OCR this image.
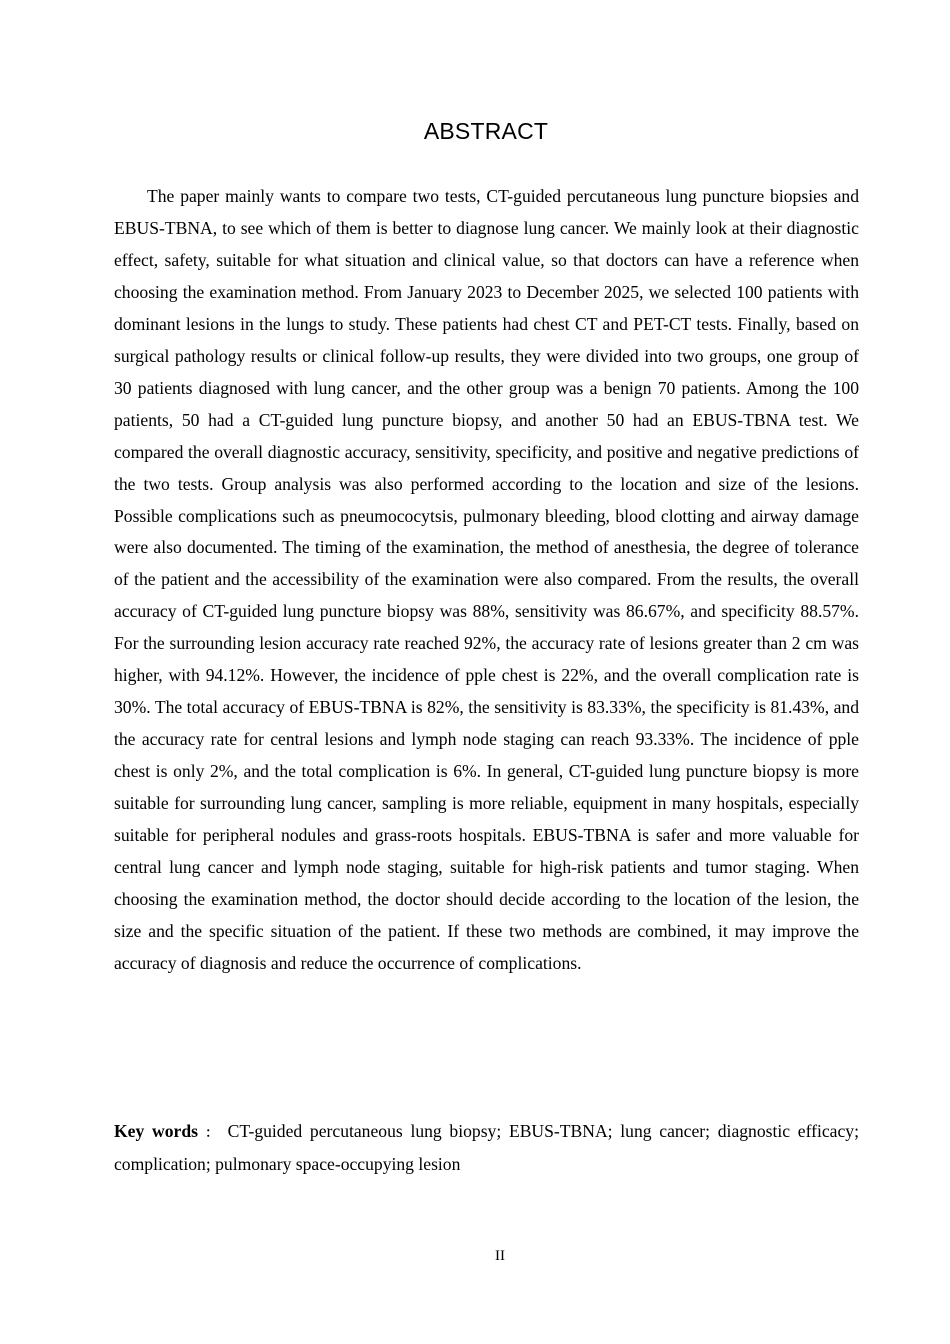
ABSTRACT

The paper mainly wants to compare two tests, CT-guided percutaneous lung puncture biopsies and EBUS-TBNA, to see which of them is better to diagnose lung cancer. We mainly look at their diagnostic effect, safety, suitable for what situation and clinical value, so that doctors can have a reference when choosing the examination method. From January 2023 to December 2025, we selected 100 patients with dominant lesions in the lungs to study. These patients had chest CT and PET-CT tests. Finally, based on surgical pathology results or clinical follow-up results, they were divided into two groups, one group of 30 patients diagnosed with lung cancer, and the other group was a benign 70 patients. Among the 100 patients, 50 had a CT-guided lung puncture biopsy, and another 50 had an EBUS-TBNA test. We compared the overall diagnostic accuracy, sensitivity, specificity, and positive and negative predictions of the two tests. Group analysis was also performed according to the location and size of the lesions. Possible complications such as pneumococytsis, pulmonary bleeding, blood clotting and airway damage were also documented. The timing of the examination, the method of anesthesia, the degree of tolerance of the patient and the accessibility of the examination were also compared. From the results, the overall accuracy of CT-guided lung puncture biopsy was 88%, sensitivity was 86.67%, and specificity 88.57%. For the surrounding lesion accuracy rate reached 92%, the accuracy rate of lesions greater than 2 cm was higher, with 94.12%. However, the incidence of pple chest is 22%, and the overall complication rate is 30%. The total accuracy of EBUS-TBNA is 82%, the sensitivity is 83.33%, the specificity is 81.43%, and the accuracy rate for central lesions and lymph node staging can reach 93.33%. The incidence of pple chest is only 2%, and the total complication is 6%. In general, CT-guided lung puncture biopsy is more suitable for surrounding lung cancer, sampling is more reliable, equipment in many hospitals, especially suitable for peripheral nodules and grass-roots hospitals. EBUS-TBNA is safer and more valuable for central lung cancer and lymph node staging, suitable for high-risk patients and tumor staging. When choosing the examination method, the doctor should decide according to the location of the lesion, the size and the specific situation of the patient. If these two methods are combined, it may improve the accuracy of diagnosis and reduce the occurrence of complications.

Key words ： CT-guided percutaneous lung biopsy; EBUS-TBNA; lung cancer; diagnostic efficacy; complication; pulmonary space-occupying lesion

II
